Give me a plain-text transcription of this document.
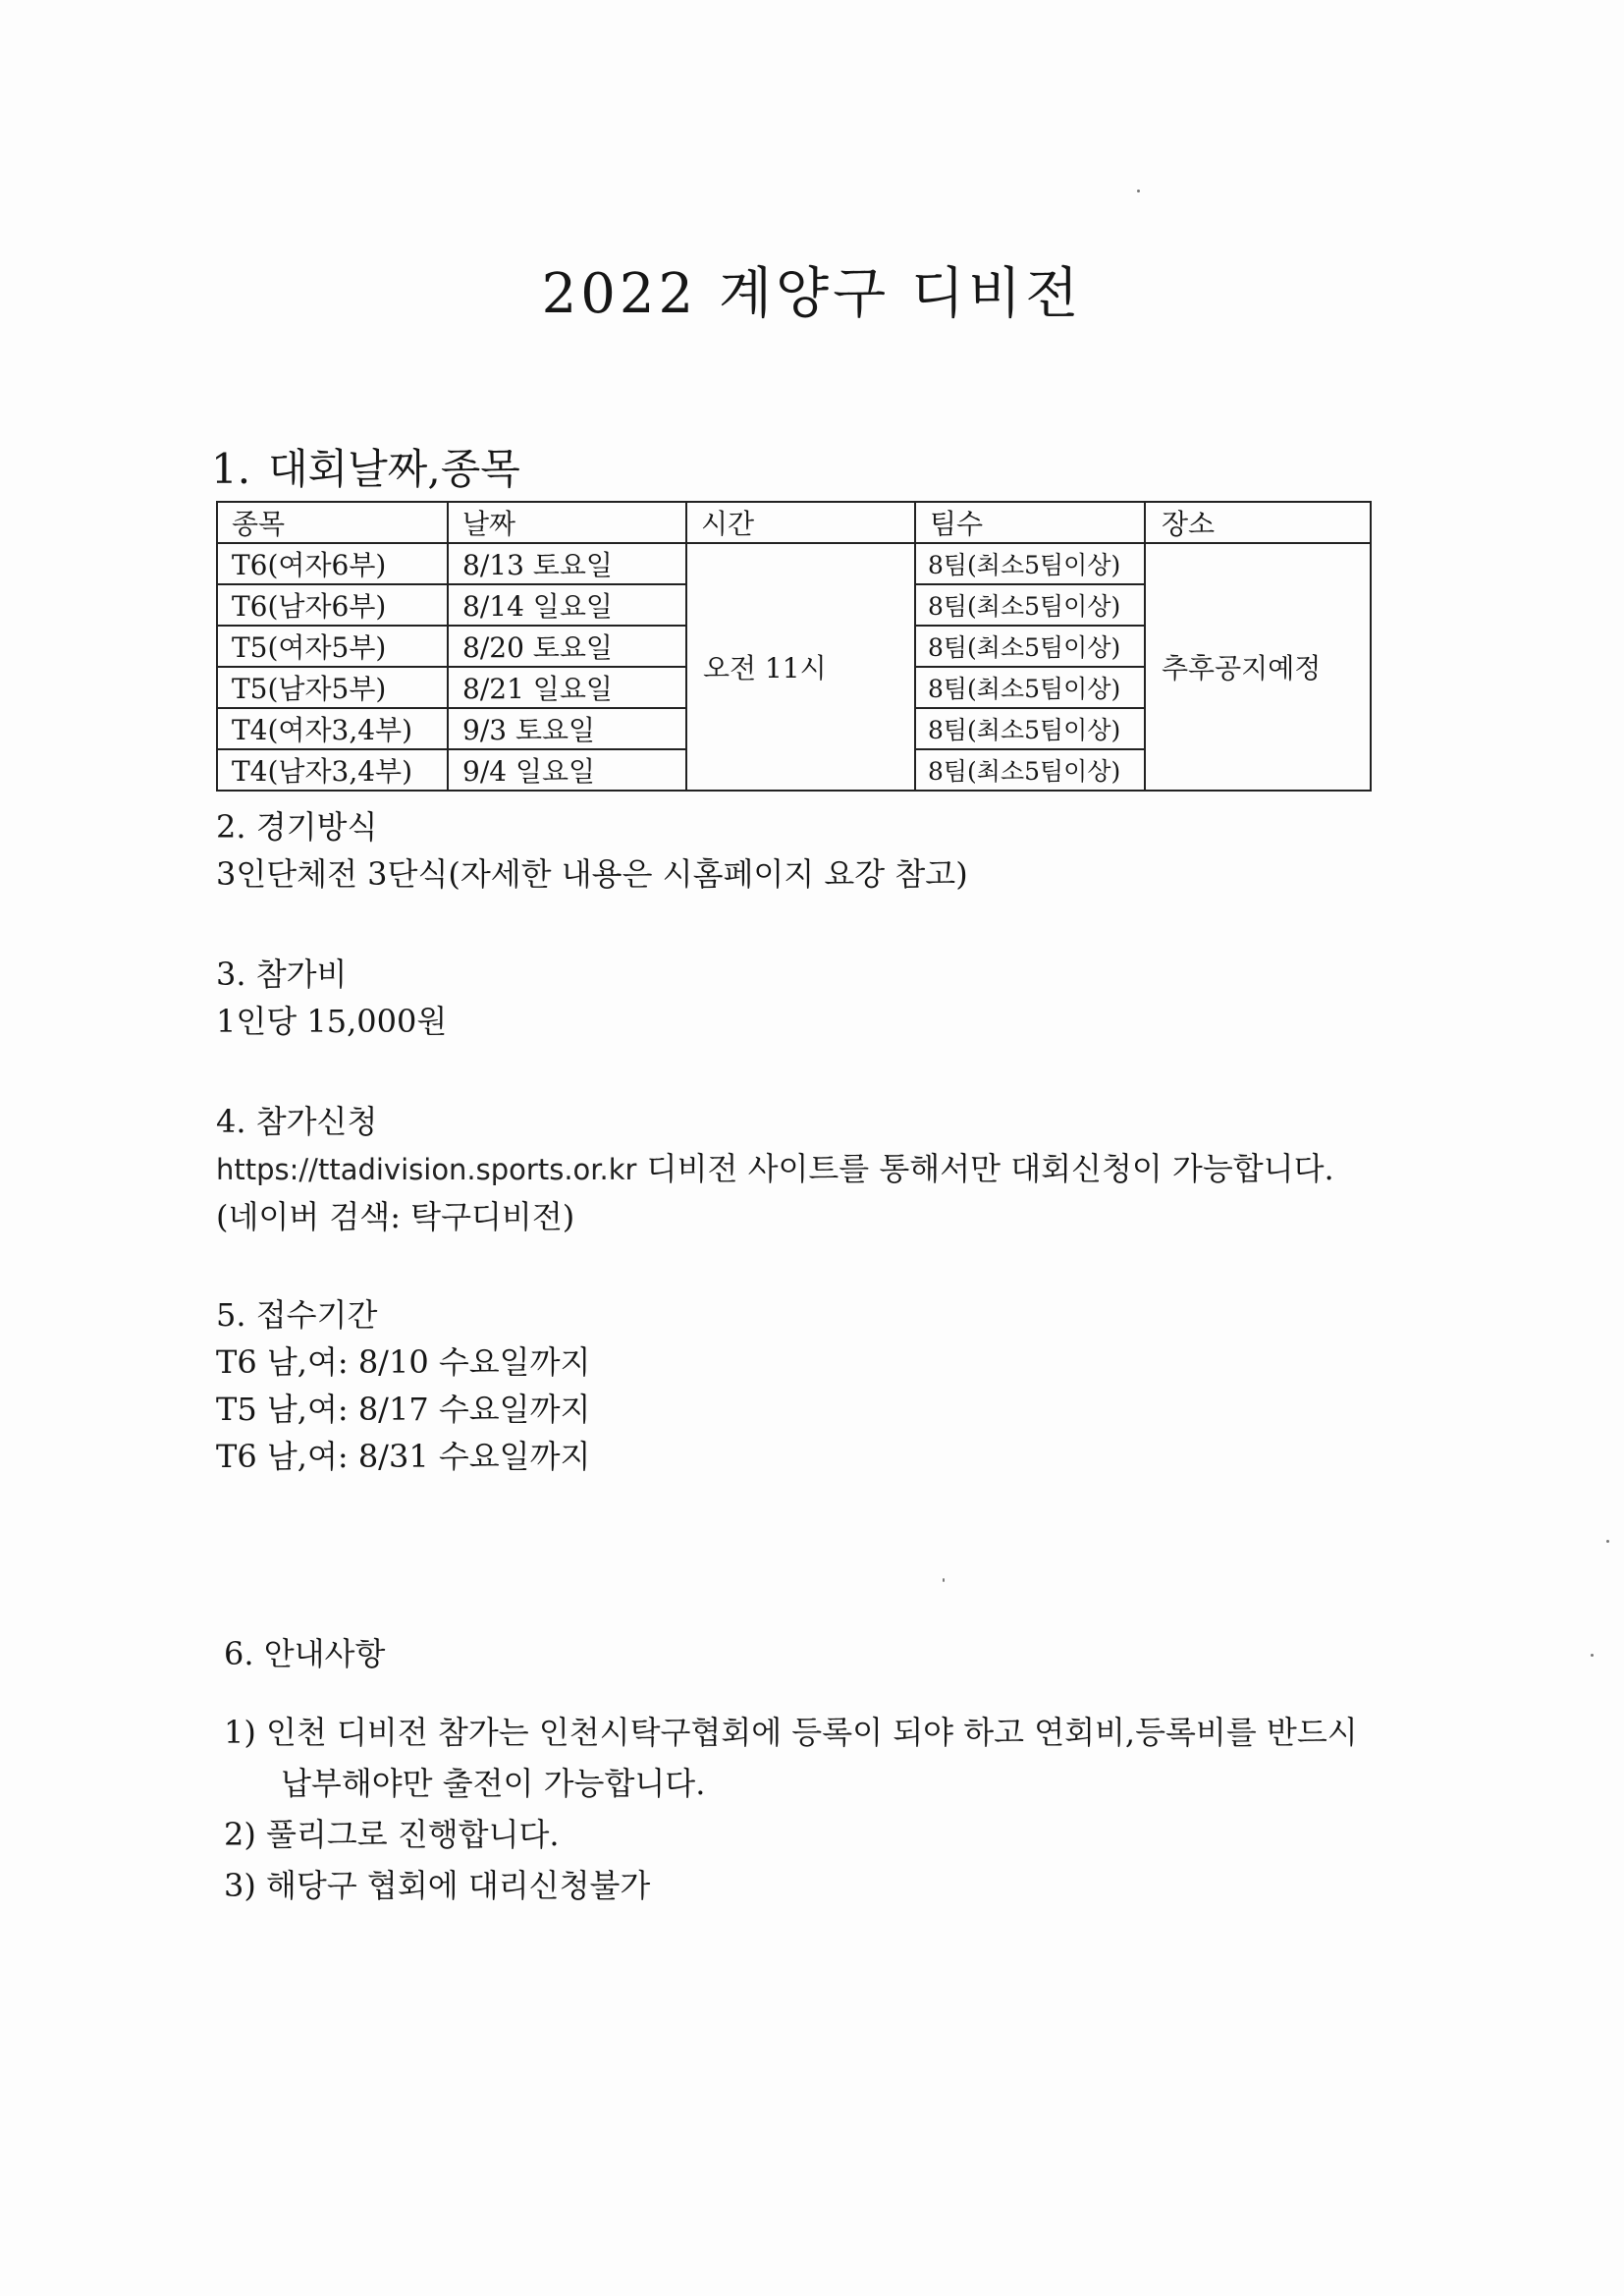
2022 계양구 디비전
1. 대회날짜,종목
종목	날짜	시간	팀수	장소
T6(여자6부)	8/13 토요일	오전 11시	8팀(최소5팀이상)	추후공지예정
T6(남자6부)	8/14 일요일		8팀(최소5팀이상)	
T5(여자5부)	8/20 토요일		8팀(최소5팀이상)	
T5(남자5부)	8/21 일요일		8팀(최소5팀이상)	
T4(여자3,4부)	9/3 토요일		8팀(최소5팀이상)	
T4(남자3,4부)	9/4 일요일		8팀(최소5팀이상)	
2. 경기방식
3인단체전 3단식(자세한 내용은 시홈페이지 요강 참고)
3. 참가비
1인당 15,000원
4. 참가신청
https://ttadivision.sports.or.kr 디비전 사이트를 통해서만 대회신청이 가능합니다.
(네이버 검색: 탁구디비전)
5. 접수기간
T6 남,여: 8/10 수요일까지
T5 남,여: 8/17 수요일까지
T6 남,여: 8/31 수요일까지
6. 안내사항
1) 인천 디비전 참가는 인천시탁구협회에 등록이 되야 하고 연회비,등록비를 반드시
납부해야만 출전이 가능합니다.
2) 풀리그로 진행합니다.
3) 해당구 협회에 대리신청불가
